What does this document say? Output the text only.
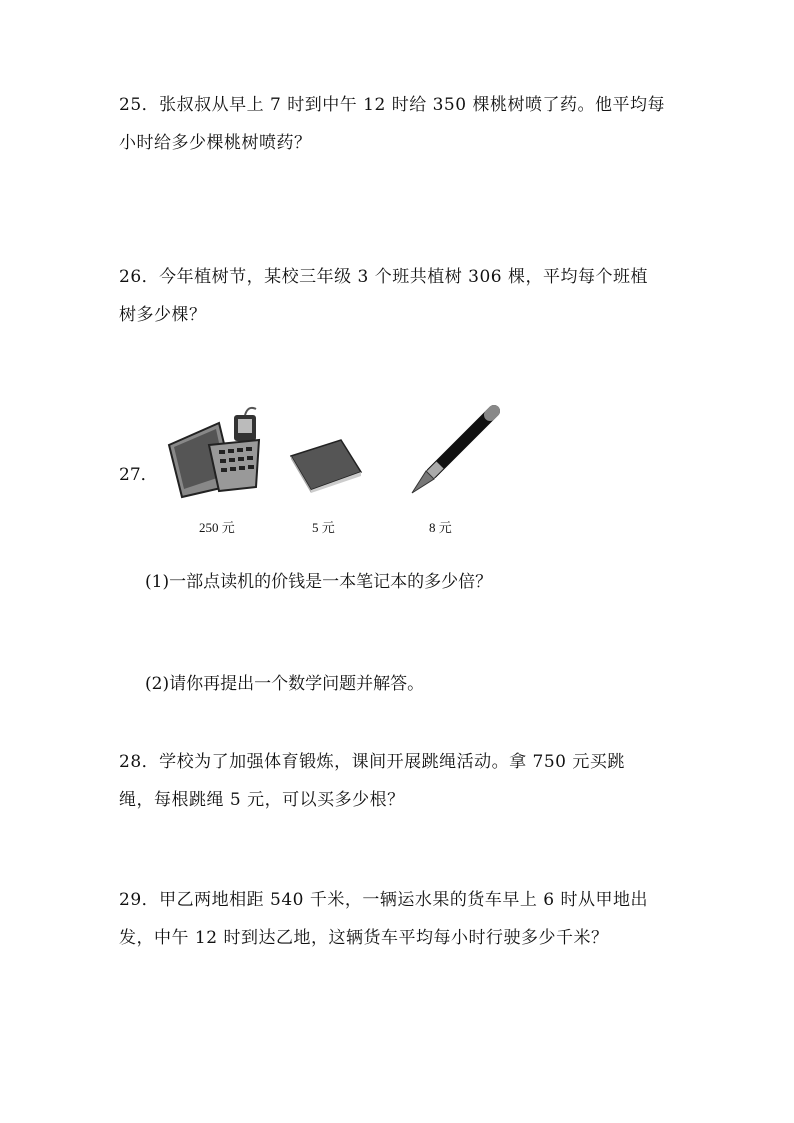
25．张叔叔从早上 7 时到中午 12 时给 350 棵桃树喷了药。他平均每

小时给多少棵桃树喷药？

26．今年植树节，某校三年级 3 个班共植树 306 棵，平均每个班植

树多少棵？

27．
250 元	5 元	8 元

(1)一部点读机的价钱是一本笔记本的多少倍？

(2)请你再提出一个数学问题并解答。

28．学校为了加强体育锻炼，课间开展跳绳活动。拿 750 元买跳

绳，每根跳绳 5 元，可以买多少根？

29．甲乙两地相距 540 千米，一辆运水果的货车早上 6 时从甲地出

发，中午 12 时到达乙地，这辆货车平均每小时行驶多少千米？
